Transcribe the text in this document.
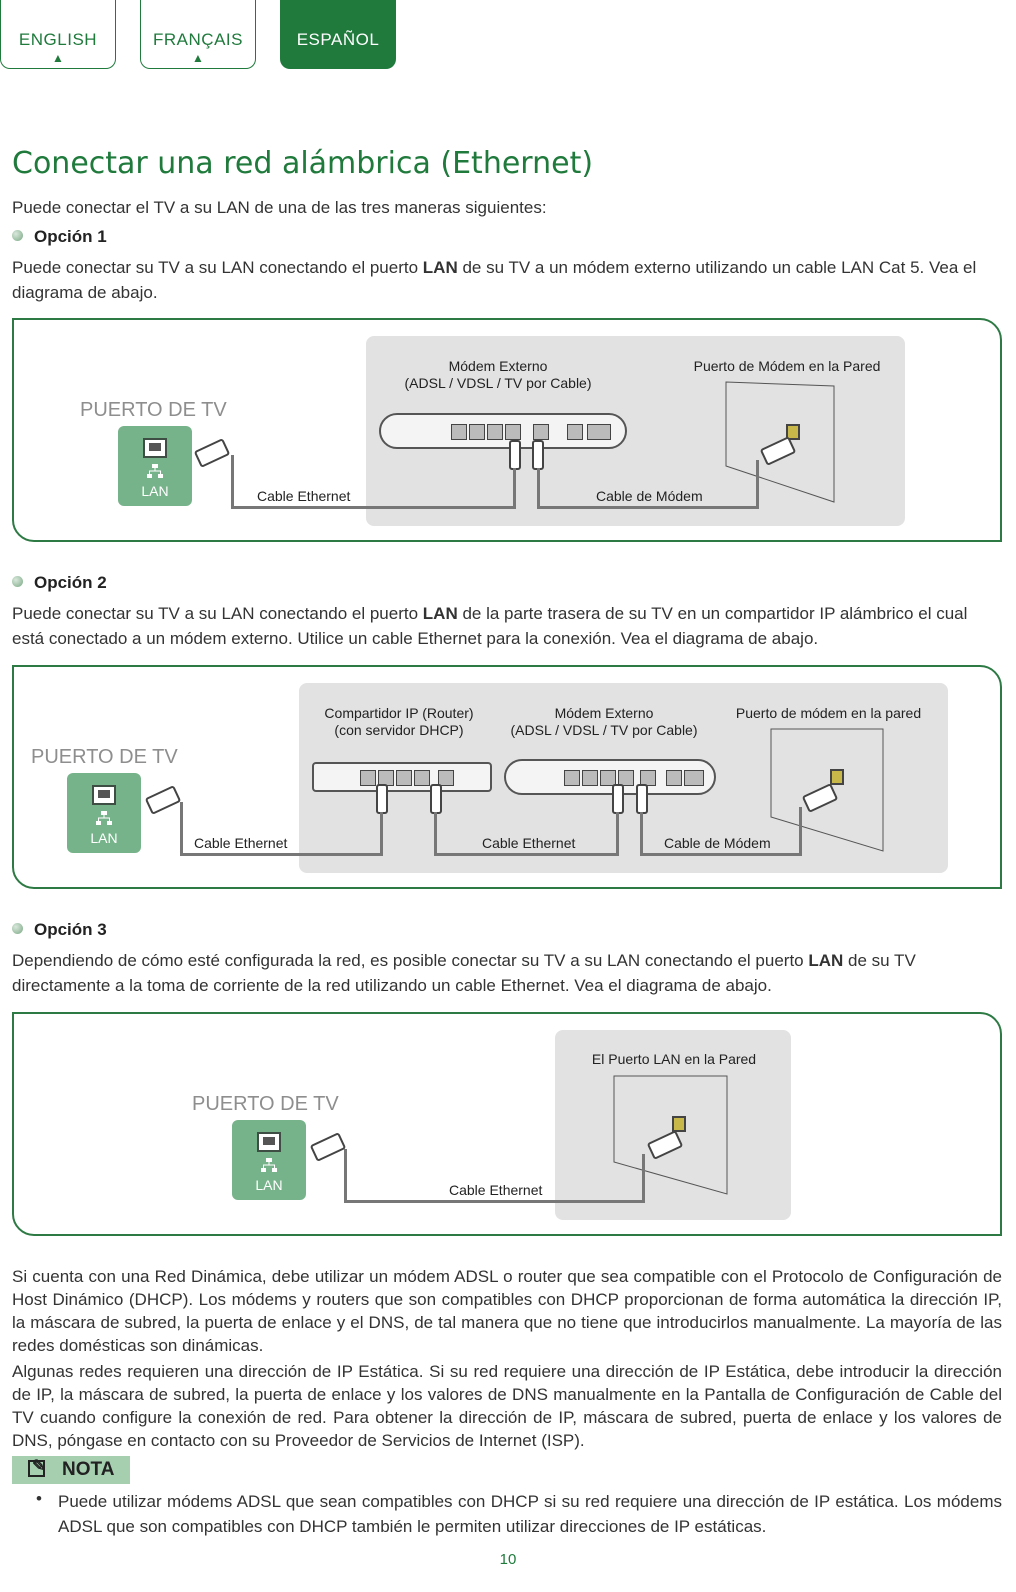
ENGLISH
▲
FRANÇAIS
▲
ESPAÑOL
Conectar una red alámbrica (Ethernet)

Puede conectar el TV a su LAN de una de las tres maneras siguientes:

Opción 1

Puede conectar su TV a su LAN conectando el puerto LAN de su TV a un módem externo utilizando un cable LAN Cat 5. Vea el diagrama de abajo.

PUERTO DE TV
LAN
Módem Externo
(ADSL / VDSL / TV por Cable)
Puerto de Módem en la Pared
Cable Ethernet	Cable de Módem
Opción 2

Puede conectar su TV a su LAN conectando el puerto LAN de la parte trasera de su TV en un compartidor IP alámbrico el cual está conectado a un módem externo. Utilice un cable Ethernet para la conexión. Vea el diagrama de abajo.

PUERTO DE TV
LAN
Compartidor IP (Router)
(con servidor DHCP)
Módem Externo
(ADSL / VDSL / TV por Cable)
Puerto de módem en la pared
Cable Ethernet	Cable Ethernet	Cable de Módem
Opción 3

Dependiendo de cómo esté configurada la red, es posible conectar su TV a su LAN conectando el puerto LAN de su TV directamente a la toma de corriente de la red utilizando un cable Ethernet. Vea el diagrama de abajo.

PUERTO DE TV
LAN
El Puerto LAN en la Pared
Cable Ethernet

Si cuenta con una Red Dinámica, debe utilizar un módem ADSL o router que sea compatible con el Protocolo de Configuración de Host Dinámico (DHCP). Los módems y routers que son compatibles con DHCP proporcionan de forma automática la dirección IP, la máscara de subred, la puerta de enlace y el DNS, de tal manera que no tiene que introducirlos manualmente. La mayoría de las redes domésticas son dinámicas.

Algunas redes requieren una dirección de IP Estática. Si su red requiere una dirección de IP Estática, debe introducir la dirección de IP, la máscara de subred, la puerta de enlace y los valores de DNS manualmente en la Pantalla de Configuración de Cable del TV cuando configure la conexión de red. Para obtener la dirección de IP, máscara de subred, puerta de enlace y los valores de DNS, póngase en contacto con su Proveedor de Servicios de Internet (ISP).

✎
NOTA
• Puede utilizar módems ADSL que sean compatibles con DHCP si su red requiere una dirección de IP estática. Los módems ADSL que son compatibles con DHCP también le permiten utilizar direcciones de IP estáticas.

10
